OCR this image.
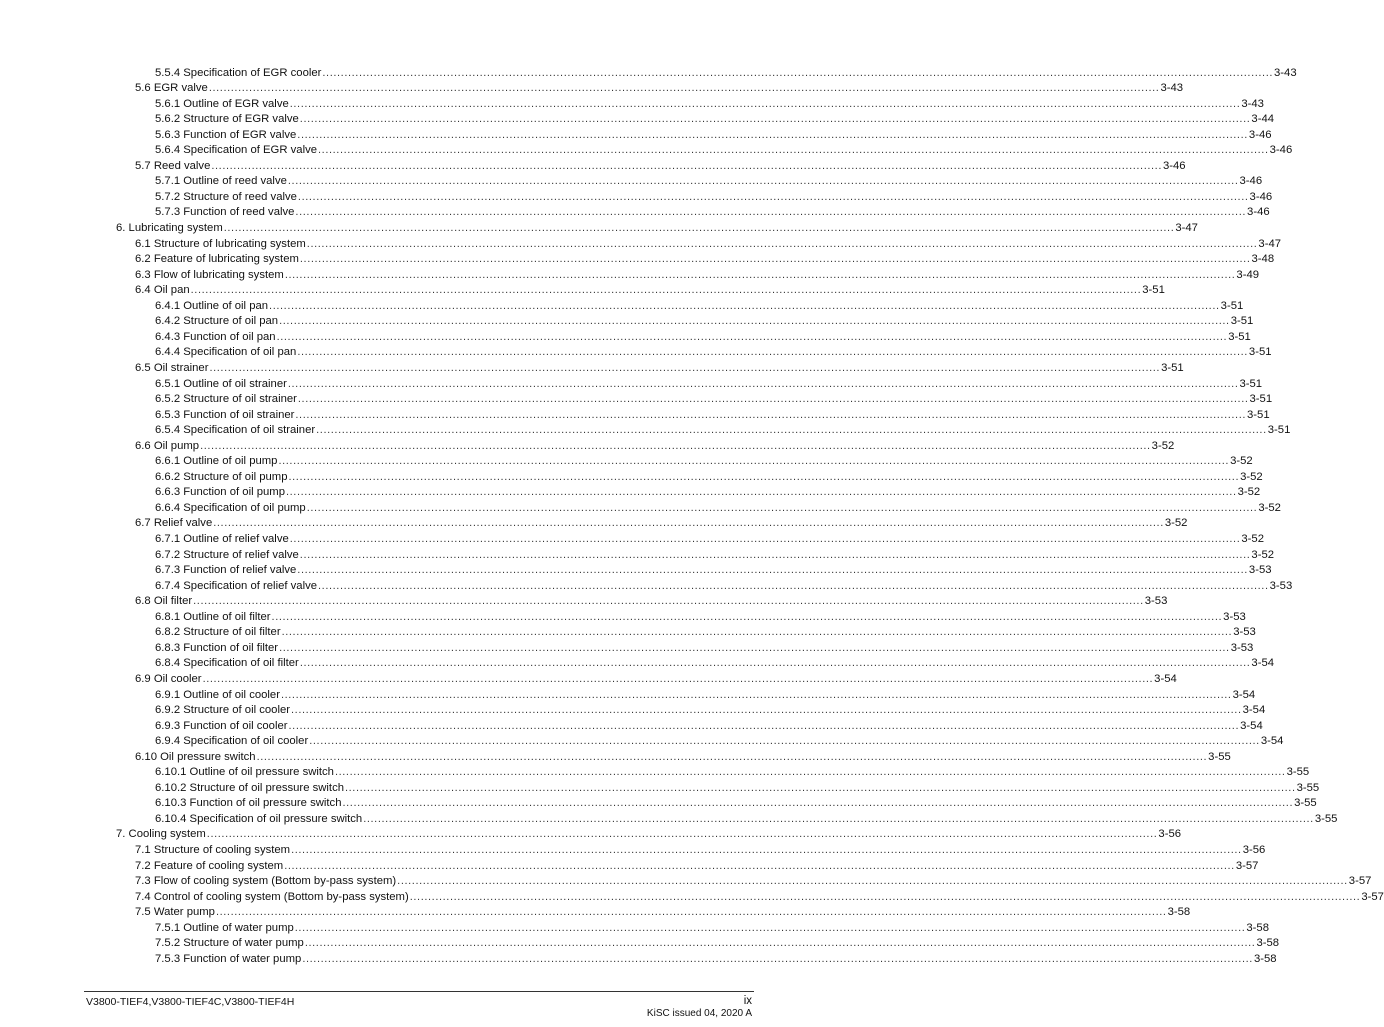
5.5.4 Specification of EGR cooler .................................................................................................................................................................................................................................................................... 3-43
5.6 EGR valve .................................................................................................................................................................................................................................................................... 3-43
5.6.1 Outline of EGR valve .................................................................................................................................................................................................................................................................... 3-43
5.6.2 Structure of EGR valve .................................................................................................................................................................................................................................................................... 3-44
5.6.3 Function of EGR valve .................................................................................................................................................................................................................................................................... 3-46
5.6.4 Specification of EGR valve .................................................................................................................................................................................................................................................................... 3-46
5.7 Reed valve .................................................................................................................................................................................................................................................................... 3-46
5.7.1 Outline of reed valve .................................................................................................................................................................................................................................................................... 3-46
5.7.2 Structure of reed valve .................................................................................................................................................................................................................................................................... 3-46
5.7.3 Function of reed valve .................................................................................................................................................................................................................................................................... 3-46
6. Lubricating system .................................................................................................................................................................................................................................................................... 3-47
6.1 Structure of lubricating system .................................................................................................................................................................................................................................................................... 3-47
6.2 Feature of lubricating system .................................................................................................................................................................................................................................................................... 3-48
6.3 Flow of lubricating system .................................................................................................................................................................................................................................................................... 3-49
6.4 Oil pan .................................................................................................................................................................................................................................................................... 3-51
6.4.1 Outline of oil pan .................................................................................................................................................................................................................................................................... 3-51
6.4.2 Structure of oil pan .................................................................................................................................................................................................................................................................... 3-51
6.4.3 Function of oil pan .................................................................................................................................................................................................................................................................... 3-51
6.4.4 Specification of oil pan .................................................................................................................................................................................................................................................................... 3-51
6.5 Oil strainer .................................................................................................................................................................................................................................................................... 3-51
6.5.1 Outline of oil strainer .................................................................................................................................................................................................................................................................... 3-51
6.5.2 Structure of oil strainer .................................................................................................................................................................................................................................................................... 3-51
6.5.3 Function of oil strainer .................................................................................................................................................................................................................................................................... 3-51
6.5.4 Specification of oil strainer .................................................................................................................................................................................................................................................................... 3-51
6.6 Oil pump .................................................................................................................................................................................................................................................................... 3-52
6.6.1 Outline of oil pump .................................................................................................................................................................................................................................................................... 3-52
6.6.2 Structure of oil pump .................................................................................................................................................................................................................................................................... 3-52
6.6.3 Function of oil pump .................................................................................................................................................................................................................................................................... 3-52
6.6.4 Specification of oil pump .................................................................................................................................................................................................................................................................... 3-52
6.7 Relief valve .................................................................................................................................................................................................................................................................... 3-52
6.7.1 Outline of relief valve .................................................................................................................................................................................................................................................................... 3-52
6.7.2 Structure of relief valve .................................................................................................................................................................................................................................................................... 3-52
6.7.3 Function of relief valve .................................................................................................................................................................................................................................................................... 3-53
6.7.4 Specification of relief valve .................................................................................................................................................................................................................................................................... 3-53
6.8 Oil filter .................................................................................................................................................................................................................................................................... 3-53
6.8.1 Outline of oil filter .................................................................................................................................................................................................................................................................... 3-53
6.8.2 Structure of oil filter .................................................................................................................................................................................................................................................................... 3-53
6.8.3 Function of oil filter .................................................................................................................................................................................................................................................................... 3-53
6.8.4 Specification of oil filter .................................................................................................................................................................................................................................................................... 3-54
6.9 Oil cooler .................................................................................................................................................................................................................................................................... 3-54
6.9.1 Outline of oil cooler .................................................................................................................................................................................................................................................................... 3-54
6.9.2 Structure of oil cooler .................................................................................................................................................................................................................................................................... 3-54
6.9.3 Function of oil cooler .................................................................................................................................................................................................................................................................... 3-54
6.9.4 Specification of oil cooler .................................................................................................................................................................................................................................................................... 3-54
6.10 Oil pressure switch .................................................................................................................................................................................................................................................................... 3-55
6.10.1 Outline of oil pressure switch .................................................................................................................................................................................................................................................................... 3-55
6.10.2 Structure of oil pressure switch .................................................................................................................................................................................................................................................................... 3-55
6.10.3 Function of oil pressure switch .................................................................................................................................................................................................................................................................... 3-55
6.10.4 Specification of oil pressure switch .................................................................................................................................................................................................................................................................... 3-55
7. Cooling system .................................................................................................................................................................................................................................................................... 3-56
7.1 Structure of cooling system .................................................................................................................................................................................................................................................................... 3-56
7.2 Feature of cooling system .................................................................................................................................................................................................................................................................... 3-57
7.3 Flow of cooling system (Bottom by-pass system) .................................................................................................................................................................................................................................................................... 3-57
7.4 Control of cooling system (Bottom by-pass system) .................................................................................................................................................................................................................................................................... 3-57
7.5 Water pump .................................................................................................................................................................................................................................................................... 3-58
7.5.1 Outline of water pump .................................................................................................................................................................................................................................................................... 3-58
7.5.2 Structure of water pump .................................................................................................................................................................................................................................................................... 3-58
7.5.3 Function of water pump .................................................................................................................................................................................................................................................................... 3-58
V3800-TIEF4,V3800-TIEF4C,V3800-TIEF4H	ix
KiSC issued 04, 2020 A
